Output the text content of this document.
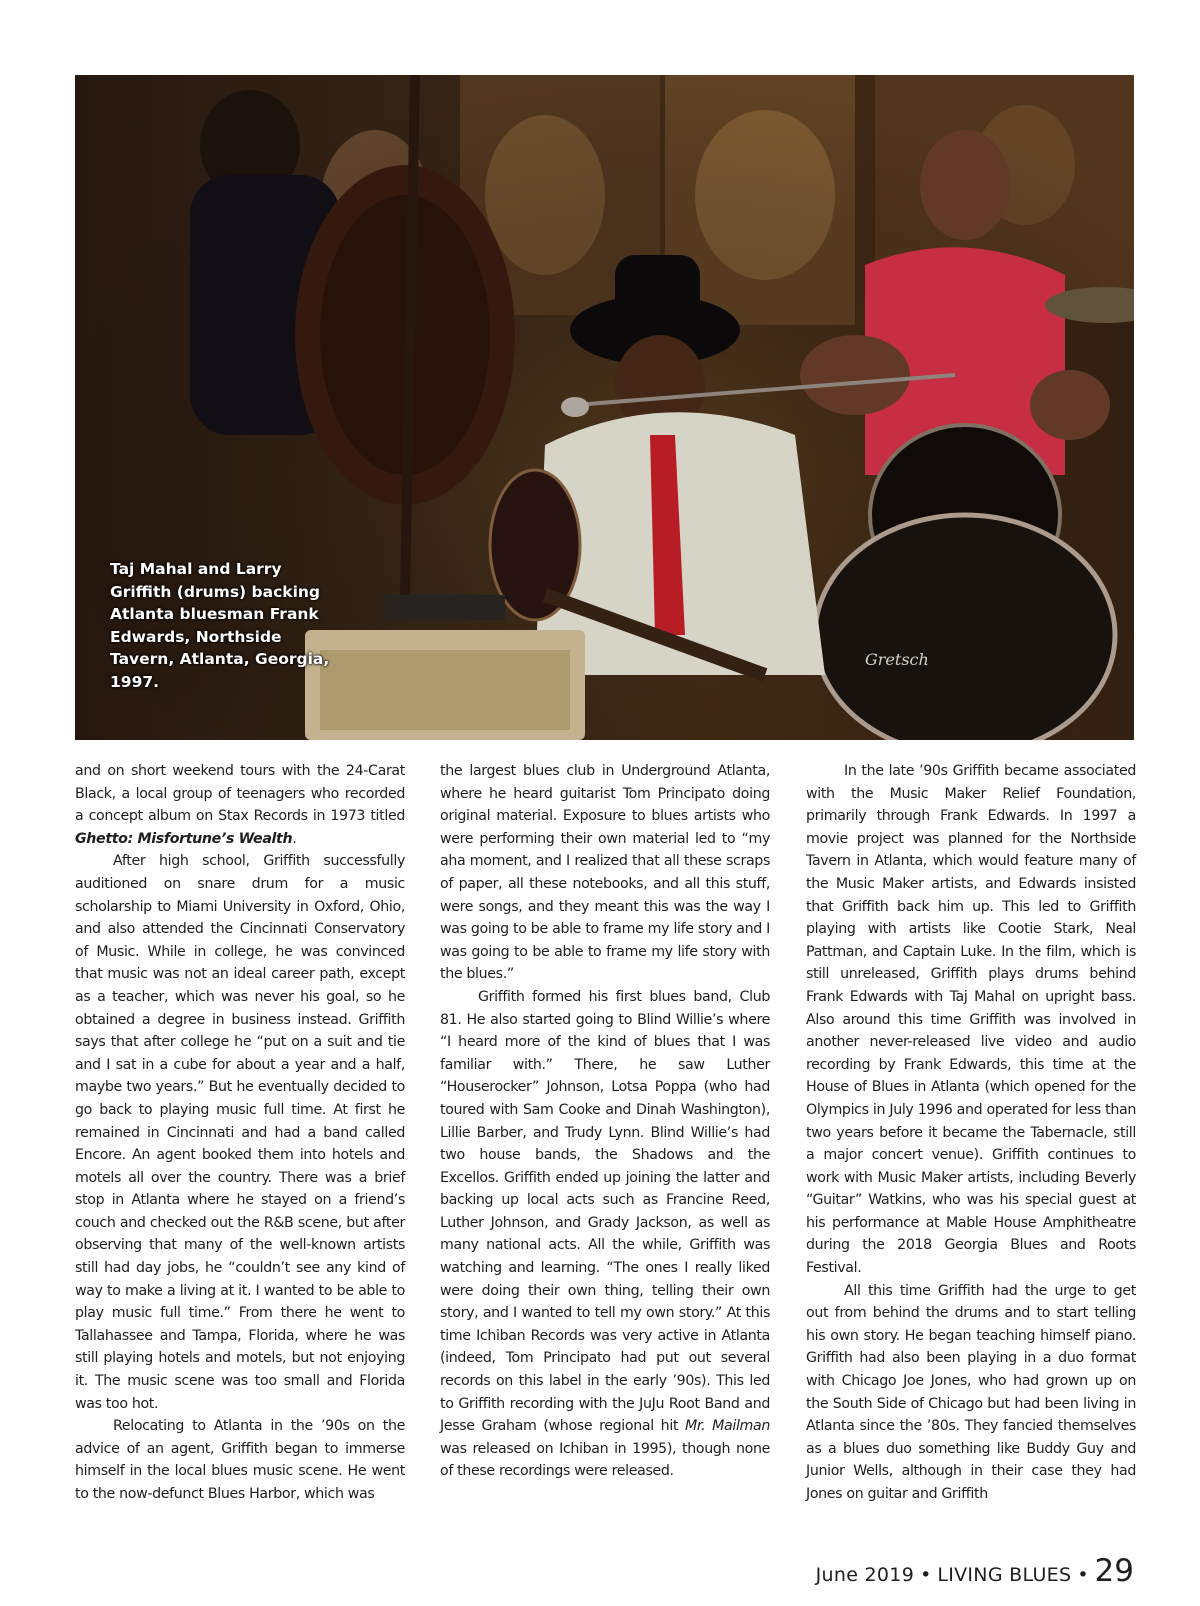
Gretsch

Taj Mahal and Larry Griffith (drums) backing Atlanta bluesman Frank Edwards, Northside Tavern, Atlanta, Georgia, 1997.

and on short weekend tours with the 24-Carat Black, a local group of teenagers who recorded a concept album on Stax Records in 1973 titled Ghetto: Misfortune’s Wealth.

After high school, Griffith successfully auditioned on snare drum for a music scholarship to Miami University in Oxford, Ohio, and also attended the Cincinnati Conservatory of Music. While in college, he was convinced that music was not an ideal career path, except as a teacher, which was never his goal, so he obtained a degree in business instead. Griffith says that after college he “put on a suit and tie and I sat in a cube for about a year and a half, maybe two years.” But he eventually decided to go back to playing music full time. At first he remained in Cincinnati and had a band called Encore. An agent booked them into hotels and motels all over the country. There was a brief stop in Atlanta where he stayed on a friend’s couch and checked out the R&B scene, but after observing that many of the well-known artists still had day jobs, he “couldn’t see any kind of way to make a living at it. I wanted to be able to play music full time.” From there he went to Tallahassee and Tampa, Florida, where he was still playing hotels and motels, but not enjoying it. The music scene was too small and Florida was too hot.

Relocating to Atlanta in the ’90s on the advice of an agent, Griffith began to immerse himself in the local blues music scene. He went to the now-defunct Blues Harbor, which was

the largest blues club in Underground Atlanta, where he heard guitarist Tom Principato doing original material. Exposure to blues artists who were performing their own material led to “my aha moment, and I realized that all these scraps of paper, all these notebooks, and all this stuff, were songs, and they meant this was the way I was going to be able to frame my life story and I was going to be able to frame my life story with the blues.”

Griffith formed his first blues band, Club 81. He also started going to Blind Willie’s where “I heard more of the kind of blues that I was familiar with.” There, he saw Luther “Houserocker” Johnson, Lotsa Poppa (who had toured with Sam Cooke and Dinah Washington), Lillie Barber, and Trudy Lynn. Blind Willie’s had two house bands, the Shadows and the Excellos. Griffith ended up joining the latter and backing up local acts such as Francine Reed, Luther Johnson, and Grady Jackson, as well as many national acts. All the while, Griffith was watching and learning. “The ones I really liked were doing their own thing, telling their own story, and I wanted to tell my own story.” At this time Ichiban Records was very active in Atlanta (indeed, Tom Principato had put out several records on this label in the early ’90s). This led to Griffith recording with the JuJu Root Band and Jesse Graham (whose regional hit Mr. Mailman was released on Ichiban in 1995), though none of these recordings were released.

In the late ’90s Griffith became associated with the Music Maker Relief Foundation, primarily through Frank Edwards. In 1997 a movie project was planned for the Northside Tavern in Atlanta, which would feature many of the Music Maker artists, and Edwards insisted that Griffith back him up. This led to Griffith playing with artists like Cootie Stark, Neal Pattman, and Captain Luke. In the film, which is still unreleased, Griffith plays drums behind Frank Edwards with Taj Mahal on upright bass. Also around this time Griffith was involved in another never-released live video and audio recording by Frank Edwards, this time at the House of Blues in Atlanta (which opened for the Olympics in July 1996 and operated for less than two years before it became the Tabernacle, still a major concert venue). Griffith continues to work with Music Maker artists, including Beverly “Guitar” Watkins, who was his special guest at his performance at Mable House Amphitheatre during the 2018 Georgia Blues and Roots Festival.

All this time Griffith had the urge to get out from behind the drums and to start telling his own story. He began teaching himself piano. Griffith had also been playing in a duo format with Chicago Joe Jones, who had grown up on the South Side of Chicago but had been living in Atlanta since the ’80s. They fancied themselves as a blues duo something like Buddy Guy and Junior Wells, although in their case they had Jones on guitar and Griffith

June 2019 • LIVING BLUES • 29
